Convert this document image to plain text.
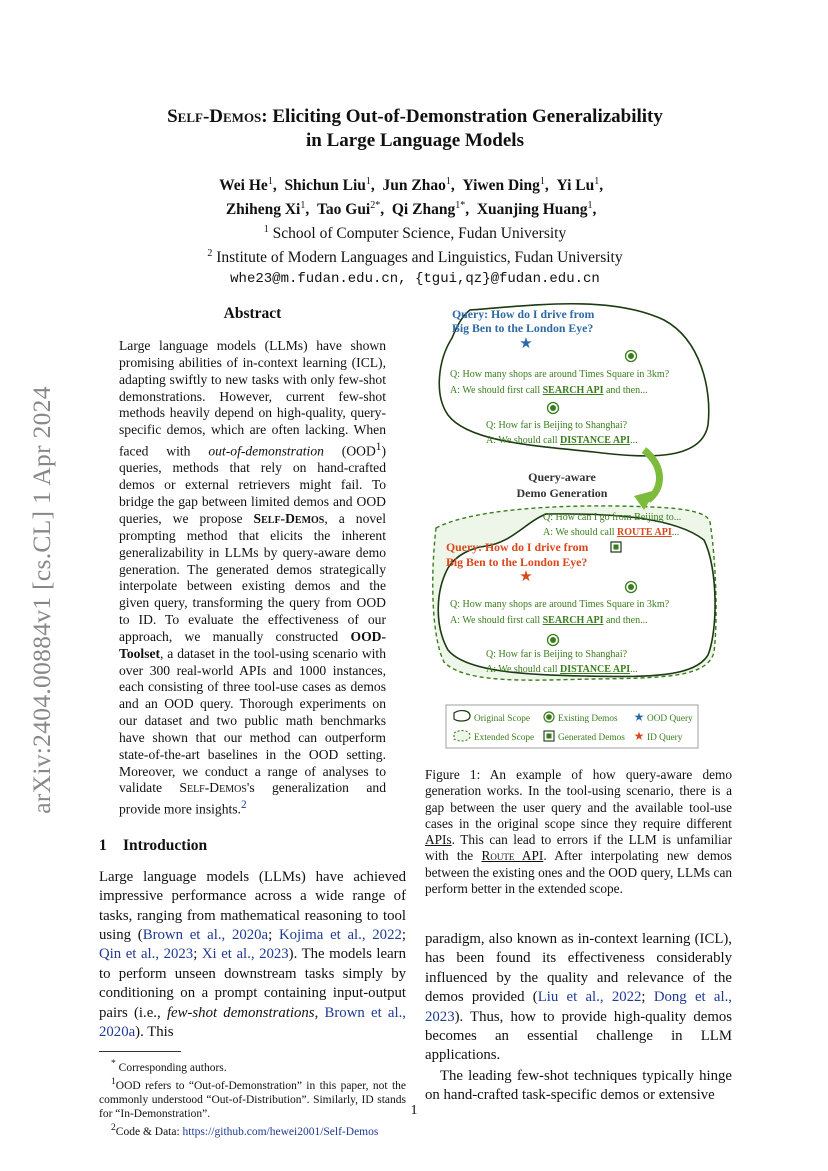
arXiv:2404.00884v1 [cs.CL] 1 Apr 2024
Self-Demos: Eliciting Out-of-Demonstration Generalizability
in Large Language Models
Wei He$^1$, Shichun Liu$^1$, Jun Zhao$^1$, Yiwen Ding$^1$, Yi Lu$^1$, 
Zhiheng Xi$^1$, Tao Gui$^{2*}$, Qi Zhang$^{1*}$, Xuanjing Huang$^1$, 
$^1$ School of Computer Science, Fudan University
$^2$ Institute of Modern Languages and Linguistics, Fudan University
whe23@m.fudan.edu.cn, {tgui,qz}@fudan.edu.cn
Abstract
Large language models (LLMs) have shown promising abilities of in-context learning (ICL), adapting swiftly to new tasks with only few-shot demonstrations. However, current few-shot methods heavily depend on high-quality, query-specific demos, which are often lacking. When faced with out-of-demonstration (OOD$^1$) queries, methods that rely on hand-crafted demos or external retrievers might fail. To bridge the gap between limited demos and OOD queries, we propose Self-Demos, a novel prompting method that elicits the inherent generalizability in LLMs by query-aware demo generation. The generated demos strategically interpolate between existing demos and the given query, transforming the query from OOD to ID. To evaluate the effectiveness of our approach, we manually constructed OOD-Toolset, a dataset in the tool-using scenario with over 300 real-world APIs and 1000 instances, each consisting of three tool-use cases as demos and an OOD query. Thorough experiments on our dataset and two public math benchmarks have shown that our method can outperform state-of-the-art baselines in the OOD setting. Moreover, we conduct a range of analyses to validate Self-Demos's generalization and provide more insights.$^2$
1 Introduction
Large language models (LLMs) have achieved impressive performance across a wide range of tasks, ranging from mathematical reasoning to tool using (Brown et al., 2020a; Kojima et al., 2022; Qin et al., 2023; Xi et al., 2023). The models learn to perform unseen downstream tasks simply by conditioning on a prompt containing input-output pairs (i.e., few-shot demonstrations, Brown et al., 2020a). This

* Corresponding authors.

$^1$OOD refers to “Out-of-Demonstration” in this paper, not the commonly understood “Out-of-Distribution”. Similarly, ID stands for “In-Demonstration”.

$^2$Code & Data: https://github.com/hewei2001/Self-Demos

Query: How do I drive from
Big Ben to the London Eye?
★
Q: How many shops are around Times Square in 3km?
A: We should first call SEARCH API and then...
Q: How far is Beijing to Shanghai?
A: We should call DISTANCE API...
Query-aware
Demo Generation
Q: How can I go from Beijing to...
A: We should call ROUTE API...
Query: How do I drive from
Big Ben to the London Eye?
★
Q: How many shops are around Times Square in 3km?
A: We should first call SEARCH API and then...
Q: How far is Beijing to Shanghai?
A: We should call DISTANCE API...
Original Scope	Existing Demos ★ OOD Query
Extended Scope	Generated Demos ★ ID Query
Figure 1: An example of how query-aware demo generation works. In the tool-using scenario, there is a gap between the user query and the available tool-use cases in the original scope since they require different APIs. This can lead to errors if the LLM is unfamiliar with the Route API. After interpolating new demos between the existing ones and the OOD query, LLMs can perform better in the extended scope.

paradigm, also known as in-context learning (ICL), has been found its effectiveness considerably influenced by the quality and relevance of the demos provided (Liu et al., 2022; Dong et al., 2023). Thus, how to provide high-quality demos becomes an essential challenge in LLM applications.

The leading few-shot techniques typically hinge on hand-crafted task-specific demos or extensive

1
